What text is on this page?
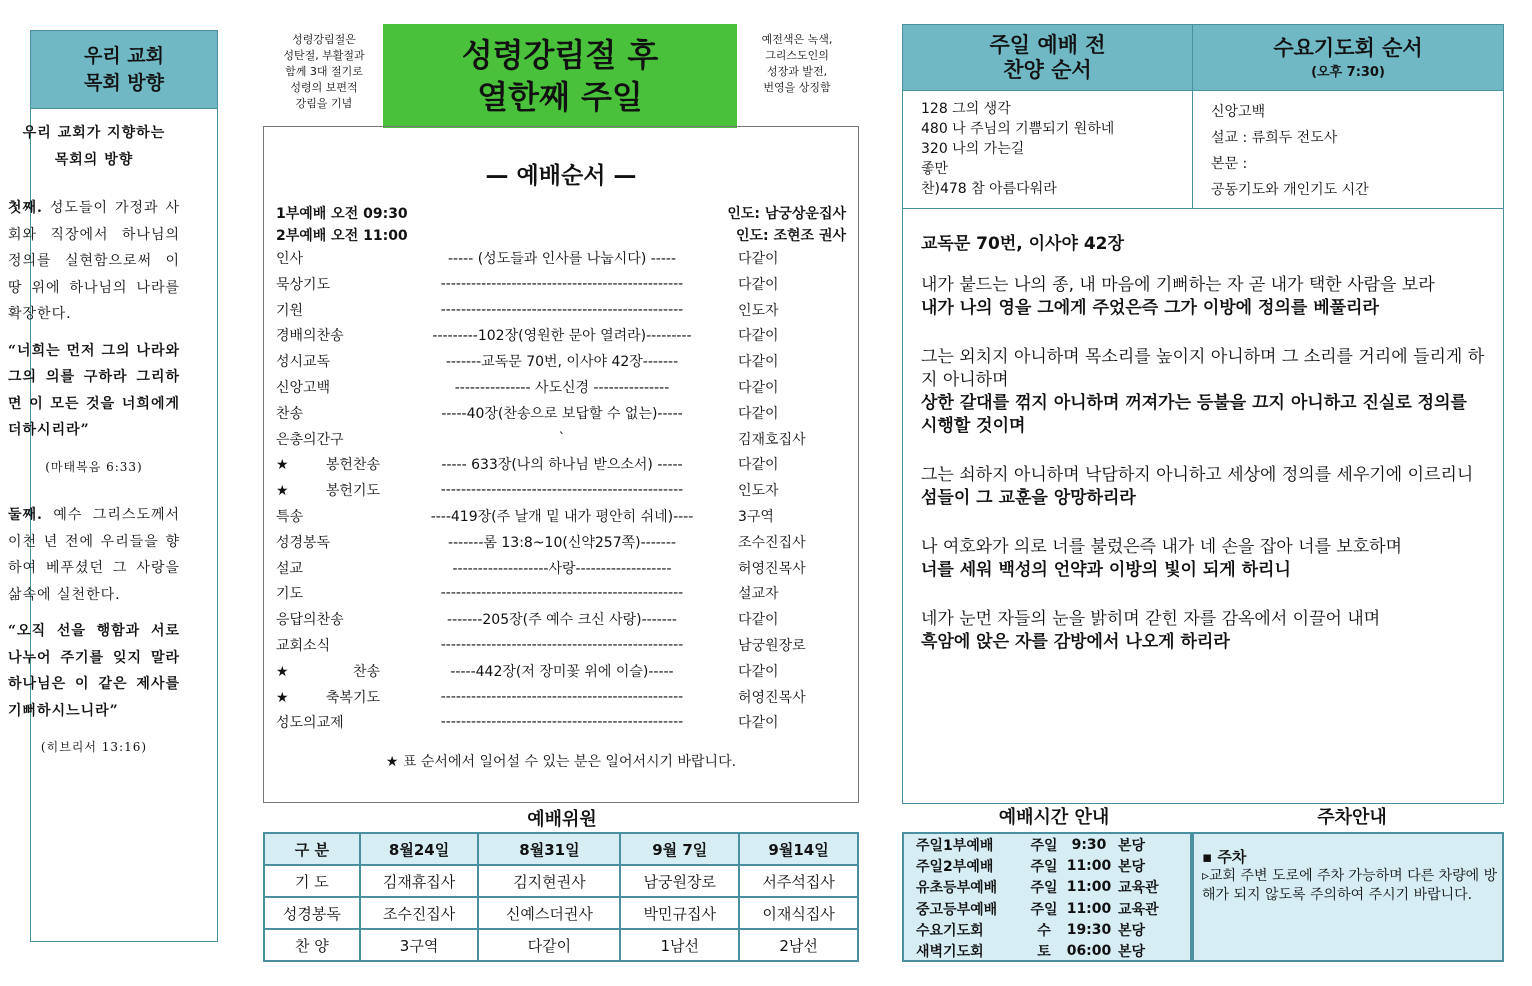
우리 교회
목회 방향

우리 교회가 지향하는
목회의 방향

첫째. 성도들이 가정과 사회와 직장에서 하나님의 정의를 실현함으로써 이 땅 위에 하나님의 나라를 확장한다.

“너희는 먼저 그의 나라와 그의 의를 구하라 그리하면 이 모든 것을 너희에게 더하시리라”

(마태복음 6:33)

둘째. 예수 그리스도께서 이천 년 전에 우리들을 향하여 베푸셨던 그 사랑을 삶속에 실천한다.

“오직 선을 행함과 서로 나누어 주기를 잊지 말라 하나님은 이 같은 제사를 기뻐하시느니라”

(히브리서 13:16)

성령강림절은
성탄절, 부활절과
함께 3대 절기로
성령의 보편적
강림을 기념
성령강림절 후
열한째 주일
예전색은 녹색,
그리스도인의
성장과 발전,
번영을 상징함
— 예배순서 —
★ 표 순서에서 일어설 수 있는 분은 일어서시기 바랍니다.
1부예배 오전 09:30	인도: 남궁상운집사
2부예배 오전 11:00	인도: 조현조 권사
인사	----- (성도들과 인사를 나눕시다) -----	다같이
묵상기도	------------------------------------------------	다같이
기원	------------------------------------------------	인도자
경배의찬송	---------102장(영원한 문아 열려라)---------	다같이
성시교독	-------교독문 70번, 이사야 42장-------	다같이
신앙고백	--------------- 사도신경 ---------------	다같이
찬송	-----40장(찬송으로 보답할 수 없는)-----	다같이
은총의간구	`	김재호집사
★봉헌찬송	----- 633장(나의 하나님 받으소서) -----	다같이
★봉헌기도	------------------------------------------------	인도자
특송	----419장(주 날개 밑 내가 평안히 쉬네)----	3구역
성경봉독	-------롬 13:8~10(신약257쪽)-------	조수진집사
설교	-------------------사랑-------------------	허영진목사
기도	------------------------------------------------	설교자
응답의찬송	-------205장(주 예수 크신 사랑)-------	다같이
교회소식	------------------------------------------------	남궁원장로
★찬송	-----442장(저 장미꽃 위에 이슬)-----	다같이
★축복기도	------------------------------------------------	허영진목사
성도의교제	------------------------------------------------	다같이
예배위원
구 분	8월24일	8월31일	9월 7일	9월14일
기 도	김재휴집사	김지현권사	남궁원장로	서주석집사
성경봉독	조수진집사	신예스더권사	박민규집사	이재식집사
찬 양	3구역	다같이	1남선	2남선
주일 예배 전
찬양 순서
수요기도회 순서
(오후 7:30)
128 그의 생각
480 나 주님의 기쁨되기 원하네
320 나의 가는길
좋만
찬)478 참 아름다워라
신앙고백
설교 : 류희두 전도사
본문 :
공동기도와 개인기도 시간

교독문 70번, 이사야 42장

내가 붙드는 나의 종, 내 마음에 기뻐하는 자 곧 내가 택한 사람을 보라
내가 나의 영을 그에게 주었은즉 그가 이방에 정의를 베풀리라

그는 외치지 아니하며 목소리를 높이지 아니하며 그 소리를 거리에 들리게 하지 아니하며
상한 갈대를 꺾지 아니하며 꺼져가는 등불을 끄지 아니하고 진실로 정의를 시행할 것이며

그는 쇠하지 아니하며 낙담하지 아니하고 세상에 정의를 세우기에 이르리니
섬들이 그 교훈을 앙망하리라

나 여호와가 의로 너를 불렀은즉 내가 네 손을 잡아 너를 보호하며
너를 세워 백성의 언약과 이방의 빛이 되게 하리니

네가 눈먼 자들의 눈을 밝히며 갇힌 자를 감옥에서 이끌어 내며
흑암에 앉은 자를 감방에서 나오게 하리라

예배시간 안내	주차안내
주일1부예배	주일	9:30 본당
주일2부예배	주일 11:00 본당
유초등부예배	주일 11:00 교육관
중고등부예배	주일 11:00 교육관
수요기도회	수	19:30 본당
새벽기도회	토	06:00 본당
▪ 주차
▹교회 주변 도로에 주차 가능하며 다른 차량에 방해가 되지 않도록 주의하여 주시기 바랍니다.
